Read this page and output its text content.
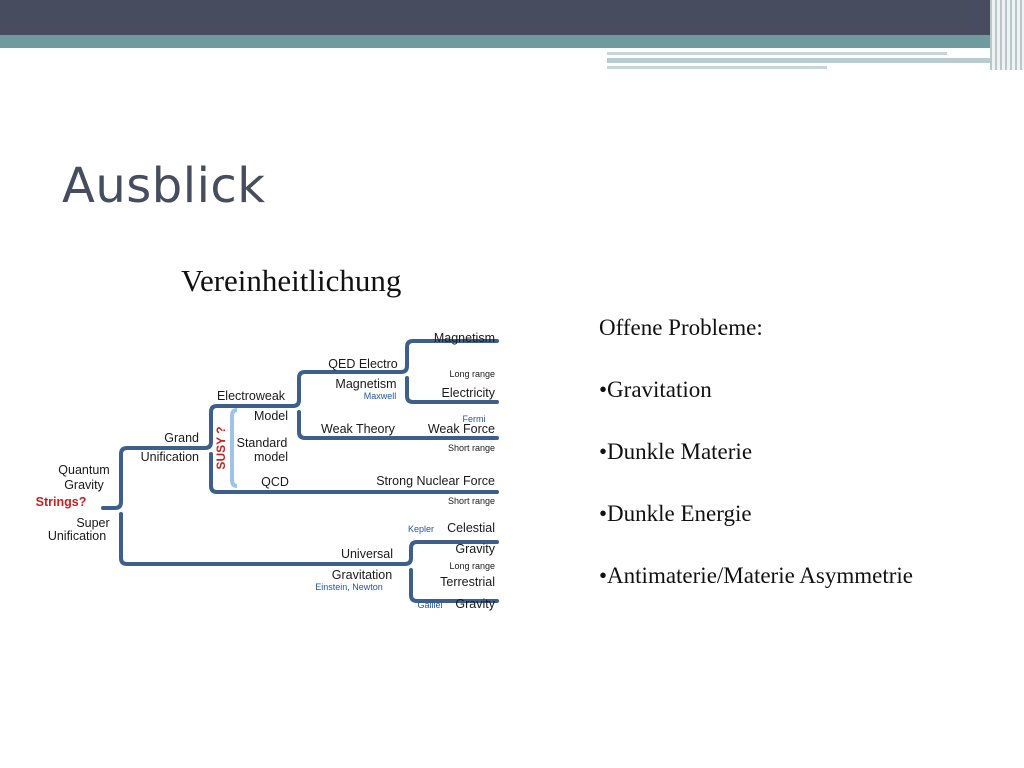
Ausblick
Vereinheitlichung
Quantum
Gravity
Strings?
Super
Unification
Grand
Unification SUSY ?
Electroweak
Model
Standard
model
QCD
QED Electro
Magnetism
Maxwell
Weak Theory
Magnetism
Long range
Electricity
Fermi
Weak Force
Short range
Strong Nuclear Force
Short range
Universal
Gravitation
Einstein, Newton
Kepler Celestial
Gravity
Long range
Terrestrial
Galilei Gravity
Offene Probleme:
•Gravitation
•Dunkle Materie
•Dunkle Energie
•Antimaterie/Materie Asymmetrie
